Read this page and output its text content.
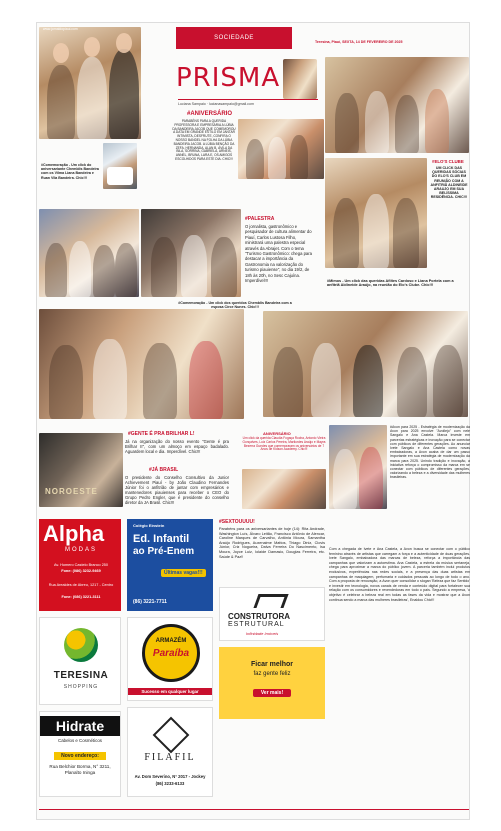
www.jornaldopiaui.com
#Comemoração - Um click do aniversariante Chemblis Bandeira com os Vilma Liana Bandeira e Ruan Vila Bandeira. Chic!!!
SOCIEDADE
Teresina, Piauí, SEXTA, 14 DE FEVEREIRO DE 2025
PRISMA
Luciana Sampaio · lucianasampaio@gmail.com
#ANIVERSÁRIO
PARABÉNS PARA A QUERIDA PROFESSORA E EMPRESÁRIA A LÚBIA DA BANDEIRA JACOB QUE COMEMOROU A DATA EM GRANDE ESTILO EM JANTAR INTIMISTA, DESFRUTE, CONFIRA O NOSSO BANDEL NA FOLHA DA LÚBIA BANDEIRA JACOB. A LÚBIA BENÇÃO DA ZEFA, HERNANDA, ALAN B, ÁVILA DA BILA, SORRINA, GABRIELA, ARNEIS, ANNEL, BRUNA, LARA E, OS AMIGOS ESCOLHIDOS PARA ESTE DIA. CHIC!!!
#ELO'S CLUBE
UM CLICK DAS QUERIDAS SÓCIAS DO ELO'S CLUB EM REUNIÃO COM A ANFITRIÃ ALDINEIDE ARAUJO EM SUA BELÍSSIMA RESIDÊNCIA. CHIC!!!
#PALESTRA
O jornalista, gastronômico e pesquisador de cultura alimentar do Piauí, Carlos Lustosa Filho, ministrará uma palestra especial através da Abrajet. Com o tema "Turismo Gastronômico: chega para destacar a importância da Gastronomia na valorização do turismo piauiense", no dia 19/2, de 18h às 20h, no Sesc Cajuína. Imperdível!!!
#Comemoração - Um click dos queridos Chemblis Bandeira com a esposa Círce Nunes. Chic!!!
#Mimos - Um click das queridas Afiltes Cardoso e Liana Portela com a anfitriã Aldineide Araújo, na reunião do Elo's Clube. Chic!!!
NOROESTE
#GENTE É PRA BRILHAR L!
Já na organização do nosso evento "Gente é pra Brilhar II", com um almoço em espaço badalado. Aguardem local e dia. Imperdível. Chic!!!
#JÁ BRASIL
O presidente do Conselho Consultivo da Junior Achievement Piauí - by João Claudino Fernandes Júnior foi o anfitrião de jantar com empresários e mantenedores piauienses para receber o CEO do Grupo Pedro Engler, que é presidente do conselho diretor da JA Brasil. Chic!!!
ANIVERSÁRIO
Um click da querida Claudia Fogaça Rocha, Antonio Vieira Gonçalves, Luiz Carlos Pereira, Marilurdes Araújo e Mayra Bezerra Guedes que comemoraram os aniversários de 7 Anos de Kidson Academy. Chic!!!
#Avon para 2025 - Estratégia de modernização da Avon para 2025 envolve "Avollejo" com nele Sangalo e Ana Castela. Marca investe em parcerias estratégicas e inovação para se conectar com públicos de diferentes gerações. Ao anunciar Ivete Sangalo e Ana Castela como novas embaixadoras, a Avon acaba de dar um passo importante em sua estratégia de modernização da marca para 2025. Unindo tradição e inovação, a iniciativa reforça o compromisso da marca em se conectar com públicos de diferentes gerações, valorizando a beleza e a diversidade das mulheres brasileiras.
Com a chegada de Ivete e Ana Castela, a Avon busca se conectar com o público feminino através de artistas que carregam a força e a autenticidade de duas gerações. Ivete Sangalo, embaixadora das marcas de beleza, reforça a importância das campanhas que valorizam a autoestima. Ana Castela, a estrela da música sertaneja, chega para aproximar a marca do público jovem. A parceria também inclui produtos exclusivos, experiências nas redes sociais, e a presença das duas artistas em campanhas de maquiagem, perfumaria e cuidados pessoais ao longo de todo o ano. Com a proposta de renovação, a Avon quer consolidar o slogan 'Beleza que faz Sentido' e investir em tecnologia, novos canais de venda e conteúdo digital para fortalecer sua relação com os consumidores e revendedoras em todo o país. Segundo a empresa, 'o objetivo é celebrar a beleza real em todas as fases da vida e mostrar que a Avon continua sendo a marca das mulheres brasileiras', Enaldou Chic!!!
Alpha
MODAS
Av. Homero Castelo Branco 250
Fone: (086) 3232-9469
Rua Arealdes de Abreu, 1217 - Centro
Fone: (086) 3221-3111
Colégio Einstein
Ed. Infantil
ao Pré-Enem
Últimas vagas!!!
(86) 3221-7711
#SEXTOUUUU!
Parabéns para os aniversariantes de hoje (14): Rita Andrade, Washington Luís, Álvaro Leitão, Francisco Antônio de Alencar, Caroline Marques de Carvalho, Antônia Moura, Samantha Araújo Rodrigues, Auxenaime Mattos, Thiago Diniz, Clovis Júnior, Criz Nogueira, Dalva Ferreira Do Nascimento, Isa Moura, Joyce Luiz, Iolaide Damasio, Douglas Ferreira, etc. Saúde & Paz!!
CONSTRUTORA
ESTRUTURAL
Infinidade Imóveis
TERESINA
SHOPPING
ARMAZÉM
Paraíba
Sucesso em qualquer lugar
Ficar melhor
faz gente feliz
Ver mais!
Hidrate
Cabelos e Cosméticos
Novo endereço:
Rua Belchior Borma, N° 3211, Planalto Ininga
FILAFIL
Av. Dom Severino, N° 2017 - Jockey
(86) 3233-6133
